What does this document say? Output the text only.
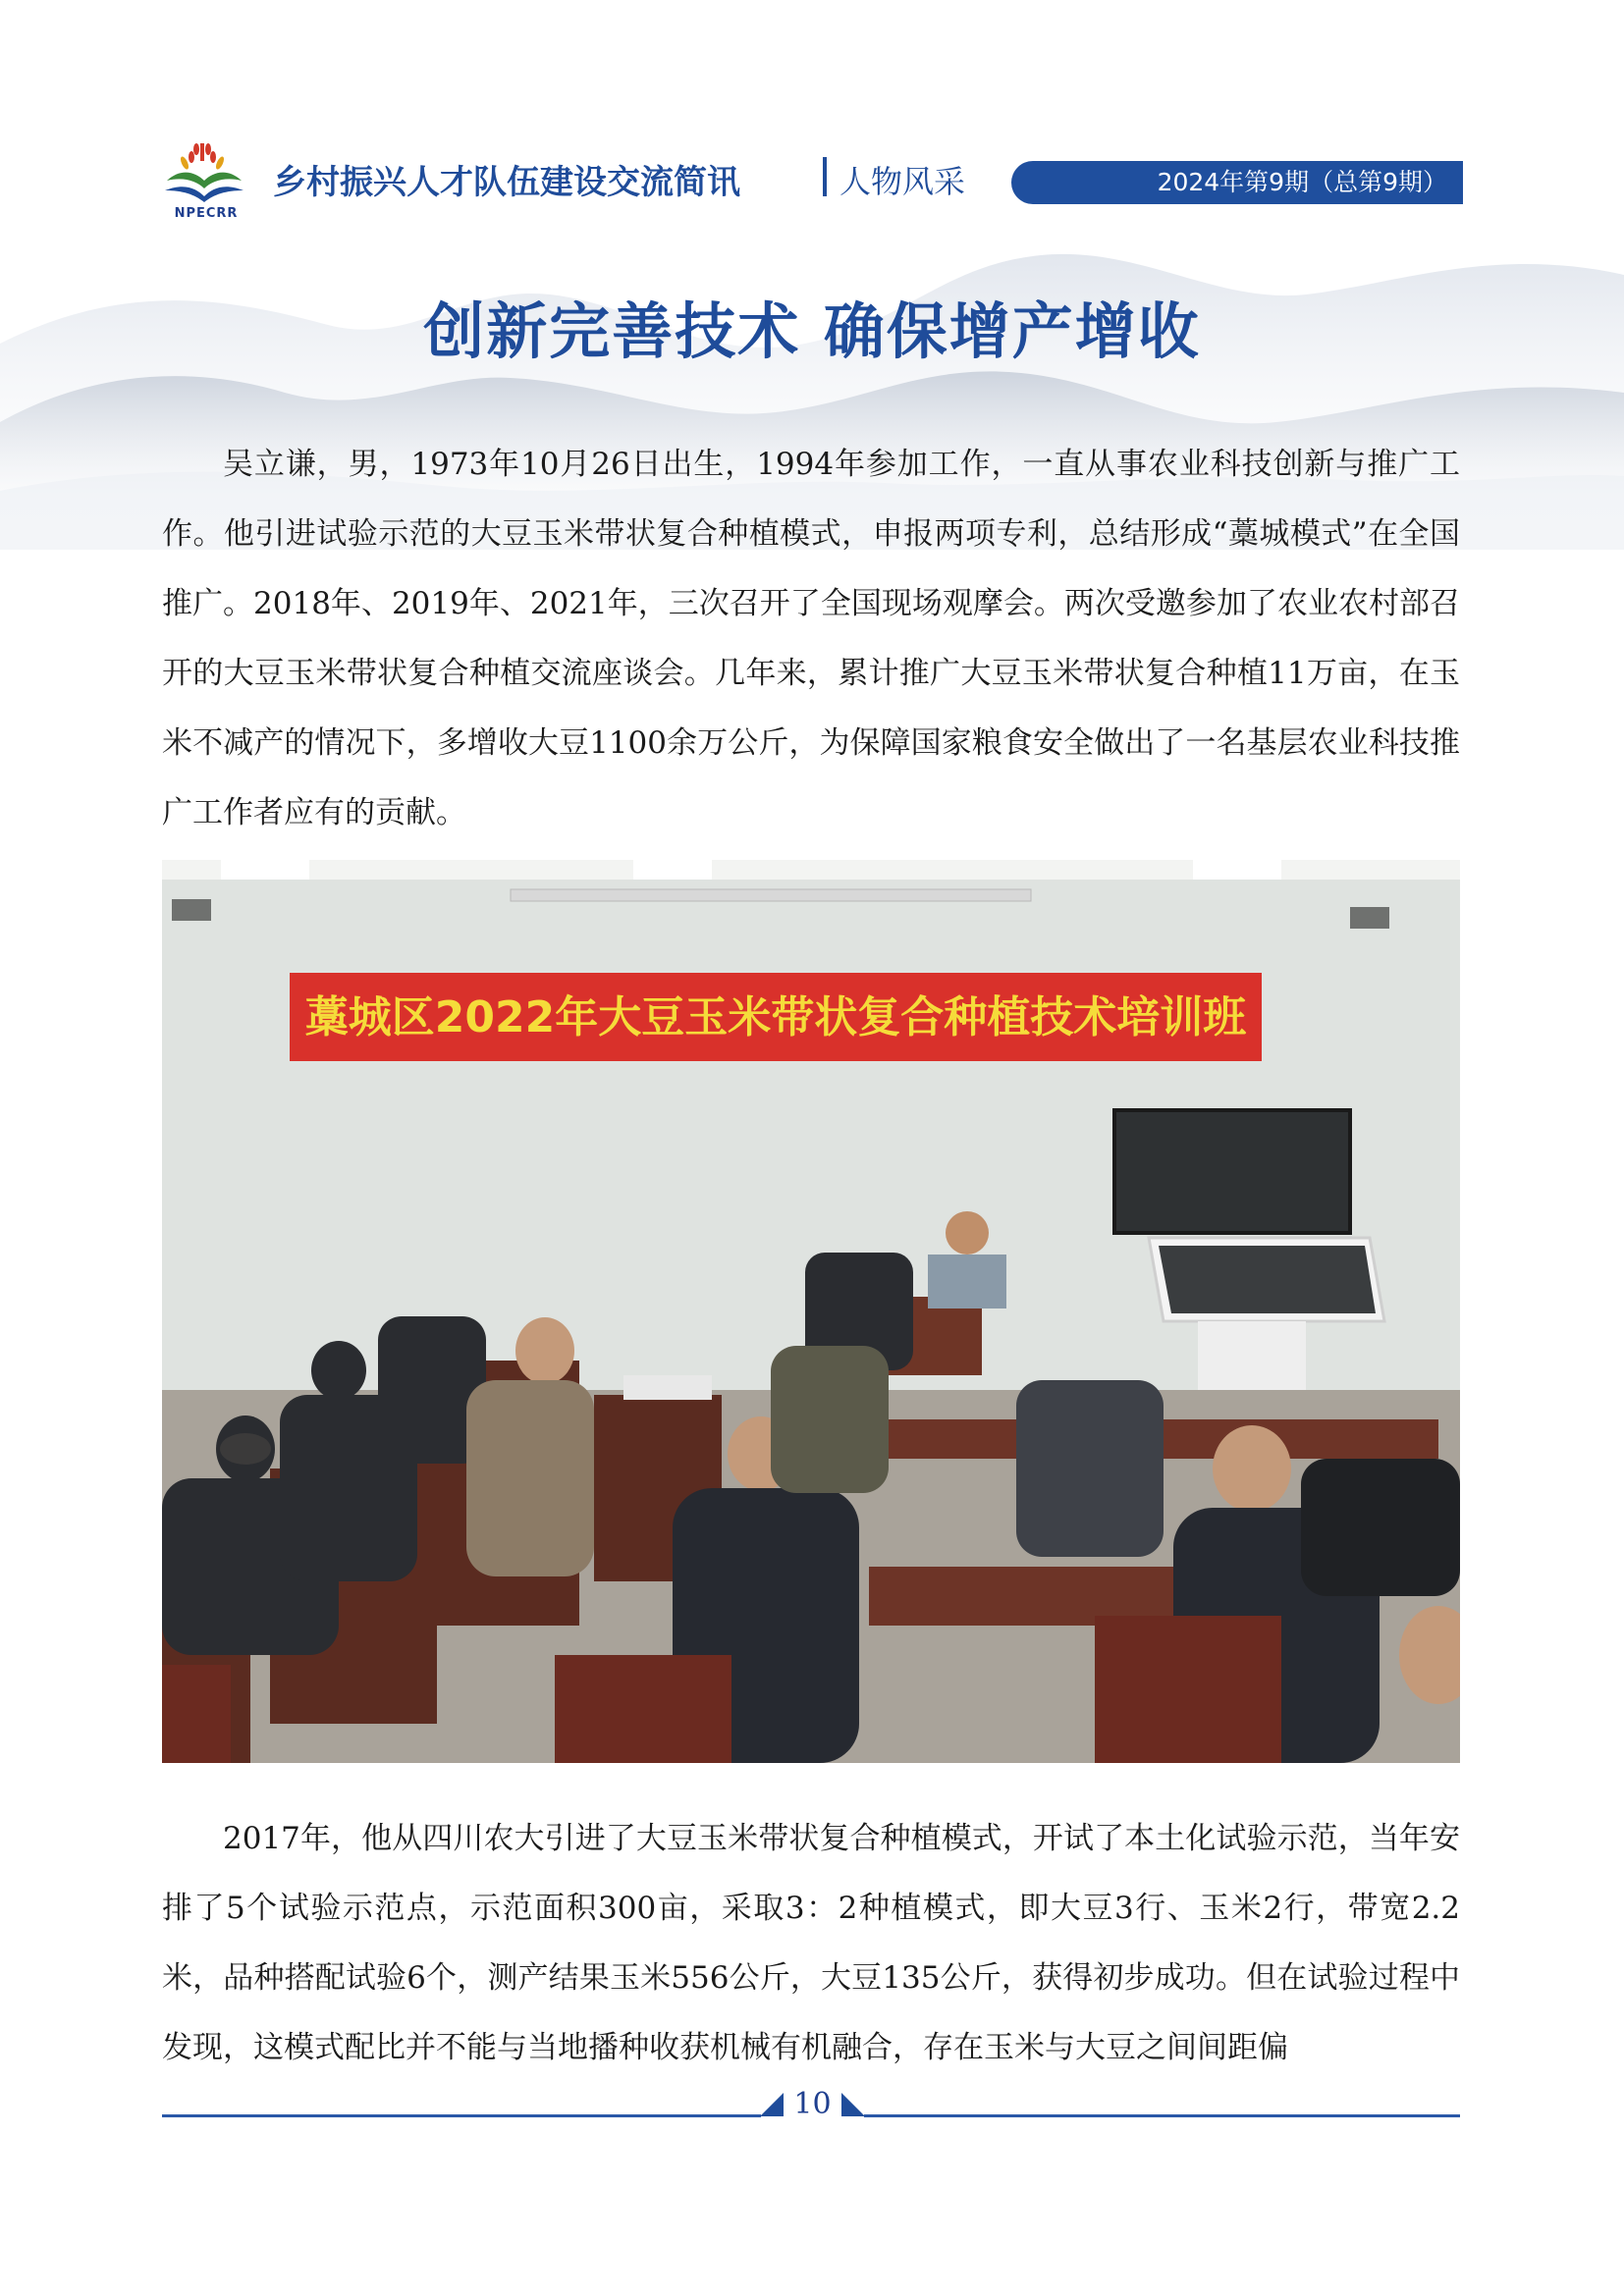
NPECRR
乡村振兴人才队伍建设交流简讯	人物风采	2024年第9期（总第9期）
创新完善技术 确保增产增收

吴立谦，男，1973年10月26日出生，1994年参加工作，一直从事农业科技创新与推广工作。他引进试验示范的大豆玉米带状复合种植模式，申报两项专利，总结形成“藁城模式”在全国推广。2018年、2019年、2021年，三次召开了全国现场观摩会。两次受邀参加了农业农村部召开的大豆玉米带状复合种植交流座谈会。几年来，累计推广大豆玉米带状复合种植11万亩，在玉米不减产的情况下，多增收大豆1100余万公斤，为保障国家粮食安全做出了一名基层农业科技推广工作者应有的贡献。

藁城区2022年大豆玉米带状复合种植技术培训班

2017年，他从四川农大引进了大豆玉米带状复合种植模式，开试了本土化试验示范，当年安排了5个试验示范点，示范面积300亩，采取3：2种植模式，即大豆3行、玉米2行，带宽2.2米，品种搭配试验6个，测产结果玉米556公斤，大豆135公斤，获得初步成功。但在试验过程中发现，这模式配比并不能与当地播种收获机械有机融合，存在玉米与大豆之间间距偏

10
